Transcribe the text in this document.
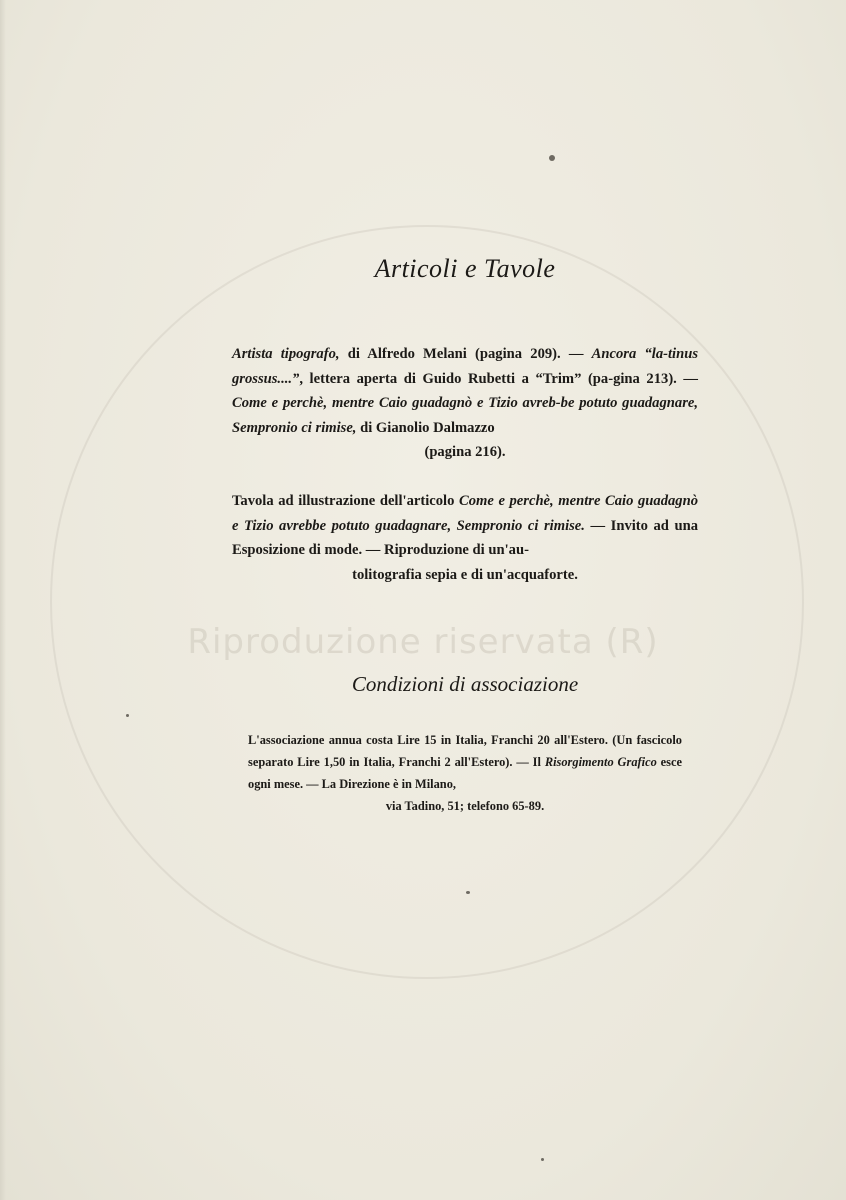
Riproduzione riservata (R)
Articoli e Tavole
Artista tipografo, di Alfredo Melani (pagina 209). — Ancora “la-tinus grossus....”, lettera aperta di Guido Rubetti a “Trim” (pa-gina 213). — Come e perchè, mentre Caio guadagnò e Tizio avreb-be potuto guadagnare, Sempronio ci rimise, di Gianolio Dalmazzo
(pagina 216).
Tavola ad illustrazione dell'articolo Come e perchè, mentre Caio guadagnò e Tizio avrebbe potuto guadagnare, Sempronio ci rimise. — Invito ad una Esposizione di mode. — Riproduzione di un'au-
tolitografia sepia e di un'acquaforte.
Condizioni di associazione
L'associazione annua costa Lire 15 in Italia, Franchi 20 all'Estero. (Un fascicolo separato Lire 1,50 in Italia, Franchi 2 all'Estero). — Il Risorgimento Grafico esce ogni mese. — La Direzione è in Milano,
via Tadino, 51; telefono 65-89.
